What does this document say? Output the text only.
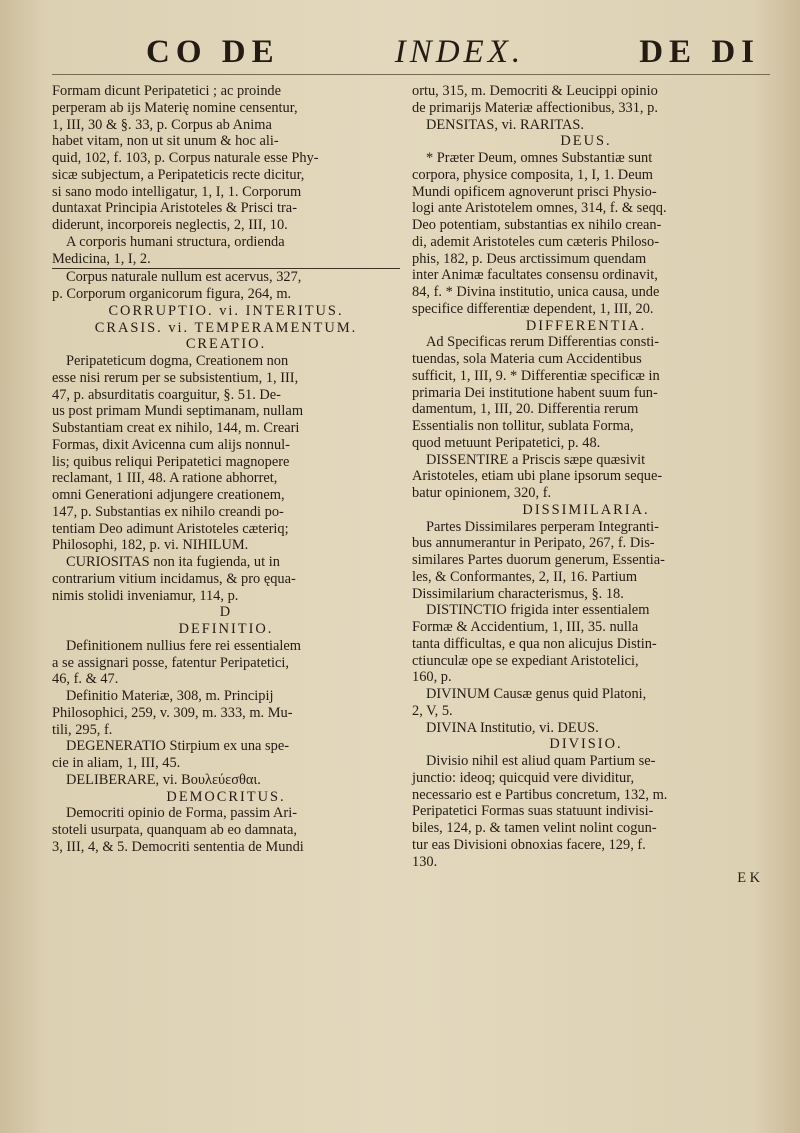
CO DE	INDEX.	DE DI

Formam dicunt Peripatetici ; ac proinde

perperam ab ijs Materię nomine censentur,

1, III, 30 & §. 33, p. Corpus ab Anima

habet vitam, non ut sit unum & hoc ali-

quid, 102, f. 103, p. Corpus naturale esse Phy-

sicæ subjectum, a Peripateticis recte dicitur,

si sano modo intelligatur, 1, I, 1. Corporum

duntaxat Principia Aristoteles & Prisci tra-

diderunt, incorporeis neglectis, 2, III, 10.

A corporis humani structura, ordienda

Medicina, 1, I, 2.

Corpus naturale nullum est acervus, 327,

p. Corporum organicorum figura, 264, m.

CORRUPTIO. vi. INTERITUS.

CRASIS. vi. TEMPERAMENTUM.

CREATIO.

Peripateticum dogma, Creationem non

esse nisi rerum per se subsistentium, 1, III,

47, p. absurditatis coarguitur, §. 51. De-

us post primam Mundi septimanam, nullam

Substantiam creat ex nihilo, 144, m. Creari

Formas, dixit Avicenna cum alijs nonnul-

lis; quibus reliqui Peripatetici magnopere

reclamant, 1 III, 48. A ratione abhorret,

omni Generationi adjungere creationem,

147, p. Substantias ex nihilo creandi po-

tentiam Deo adimunt Aristoteles cæteriq;

Philosophi, 182, p. vi. NIHILUM.

CURIOSITAS non ita fugienda, ut in

contrarium vitium incidamus, & pro ęqua-

nimis stolidi inveniamur, 114, p.

D

DEFINITIO.

Definitionem nullius fere rei essentialem

a se assignari posse, fatentur Peripatetici,

46, f. & 47.

Definitio Materiæ, 308, m. Principij

Philosophici, 259, v. 309, m. 333, m. Mu-

tili, 295, f.

DEGENERATIO Stirpium ex una spe-

cie in aliam, 1, III, 45.

DELIBERARE, vi. Βουλεύεσθαι.

DEMOCRITUS.

Democriti opinio de Forma, passim Ari-

stoteli usurpata, quanquam ab eo damnata,

3, III, 4, & 5. Democriti sententia de Mundi

ortu, 315, m. Democriti & Leucippi opinio

de primarijs Materiæ affectionibus, 331, p.

DENSITAS, vi. RARITAS.

DEUS.

* Præter Deum, omnes Substantiæ sunt

corpora, physice composita, 1, I, 1. Deum

Mundi opificem agnoverunt prisci Physio-

logi ante Aristotelem omnes, 314, f. & seqq.

Deo potentiam, substantias ex nihilo crean-

di, ademit Aristoteles cum cæteris Philoso-

phis, 182, p. Deus arctissimum quendam

inter Animæ facultates consensu ordinavit,

84, f. * Divina institutio, unica causa, unde

specifice differentiæ dependent, 1, III, 20.

DIFFERENTIA.

Ad Specificas rerum Differentias consti-

tuendas, sola Materia cum Accidentibus

sufficit, 1, III, 9. * Differentiæ specificæ in

primaria Dei institutione habent suum fun-

damentum, 1, III, 20. Differentia rerum

Essentialis non tollitur, sublata Forma,

quod metuunt Peripatetici, p. 48.

DISSENTIRE a Priscis sæpe quæsivit

Aristoteles, etiam ubi plane ipsorum seque-

batur opinionem, 320, f.

DISSIMILARIA.

Partes Dissimilares perperam Integranti-

bus annumerantur in Peripato, 267, f. Dis-

similares Partes duorum generum, Essentia-

les, & Conformantes, 2, II, 16. Partium

Dissimilarium characterismus, §. 18.

DISTINCTIO frigida inter essentialem

Formæ & Accidentium, 1, III, 35. nulla

tanta difficultas, e qua non alicujus Distin-

ctiunculæ ope se expediant Aristotelici,

160, p.

DIVINUM Causæ genus quid Platoni,

2, V, 5.

DIVINA Institutio, vi. DEUS.

DIVISIO.

Divisio nihil est aliud quam Partium se-

junctio: ideoq; quicquid vere dividitur,

necessario est e Partibus concretum, 132, m.

Peripatetici Formas suas statuunt indivisi-

biles, 124, p. & tamen velint nolint cogun-

tur eas Divisioni obnoxias facere, 129, f.

130.

E K
